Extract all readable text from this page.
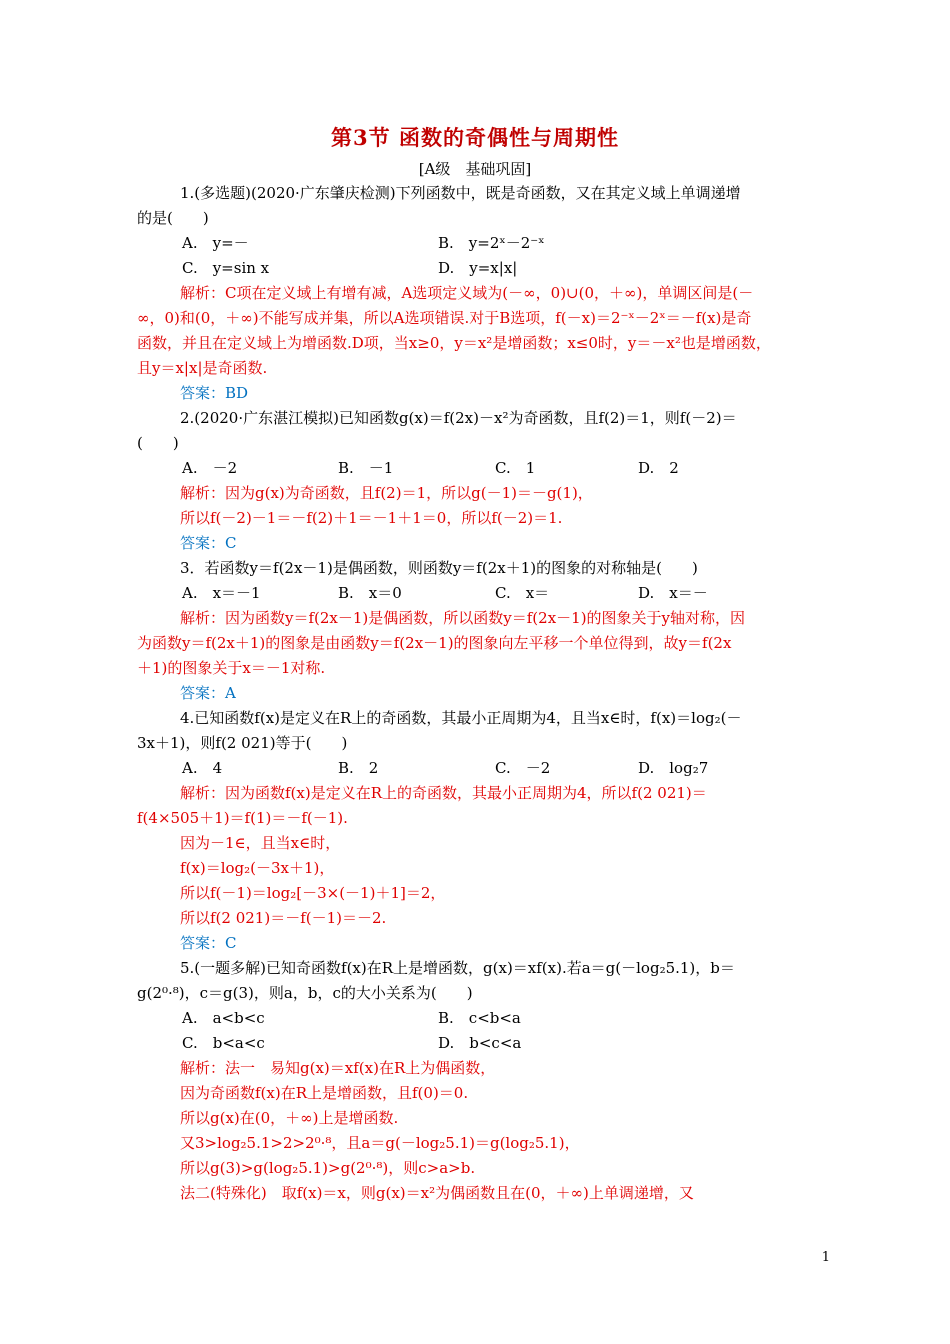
第3节 函数的奇偶性与周期性
[A级　基础巩固]
1.(多选题)(2020·广东肇庆检测)下列函数中，既是奇函数，又在其定义域上单调递增
的是(　　)
A.　y=－	B.　y=2ˣ－2⁻ˣ
C.　y=sin x	D.　y=x|x|
解析：C项在定义域上有增有减，A选项定义域为(－∞，0)∪(0，＋∞)，单调区间是(－
∞，0)和(0，＋∞)不能写成并集，所以A选项错误.对于B选项，f(－x)＝2⁻ˣ－2ˣ＝－f(x)是奇
函数，并且在定义域上为增函数.D项，当x≥0，y＝x²是增函数；x≤0时，y＝－x²也是增函数，
且y＝x|x|是奇函数.
答案：BD
2.(2020·广东湛江模拟)已知函数g(x)＝f(2x)－x²为奇函数，且f(2)＝1，则f(－2)＝
(　　)
A.　－2	B.　－1	C.　1	D.　2
解析：因为g(x)为奇函数，且f(2)＝1，所以g(－1)＝－g(1)，
所以f(－2)－1＝－f(2)＋1＝－1＋1＝0，所以f(－2)＝1.
答案：C
3．若函数y＝f(2x－1)是偶函数，则函数y＝f(2x＋1)的图象的对称轴是(　　)
A.　x＝－1	B.　x＝0	C.　x＝	D.　x＝－
解析：因为函数y＝f(2x－1)是偶函数，所以函数y＝f(2x－1)的图象关于y轴对称，因
为函数y＝f(2x＋1)的图象是由函数y＝f(2x－1)的图象向左平移一个单位得到，故y＝f(2x
＋1)的图象关于x＝－1对称.
答案：A
4.已知函数f(x)是定义在R上的奇函数，其最小正周期为4，且当x∈时，f(x)＝log₂(－
3x＋1)，则f(2 021)等于(　　)
A.　4	B.　2	C.　－2	D.　log₂7
解析：因为函数f(x)是定义在R上的奇函数，其最小正周期为4，所以f(2 021)＝
f(4×505＋1)＝f(1)＝－f(－1).
因为－1∈，且当x∈时，
f(x)＝log₂(－3x＋1)，
所以f(－1)＝log₂[－3×(－1)＋1]＝2，
所以f(2 021)＝－f(－1)＝－2.
答案：C
5.(一题多解)已知奇函数f(x)在R上是增函数，g(x)＝xf(x).若a＝g(－log₂5.1)，b＝
g(2⁰·⁸)，c＝g(3)，则a，b，c的大小关系为(　　)
A.　a<b<c	B.　c<b<a
C.　b<a<c	D.　b<c<a
解析：法一　易知g(x)＝xf(x)在R上为偶函数，
因为奇函数f(x)在R上是增函数，且f(0)＝0.
所以g(x)在(0，＋∞)上是增函数.
又3>log₂5.1>2>2⁰·⁸，且a＝g(－log₂5.1)＝g(log₂5.1)，
所以g(3)>g(log₂5.1)>g(2⁰·⁸)，则c>a>b.
法二(特殊化)　取f(x)＝x，则g(x)＝x²为偶函数且在(0，＋∞)上单调递增，又
1
